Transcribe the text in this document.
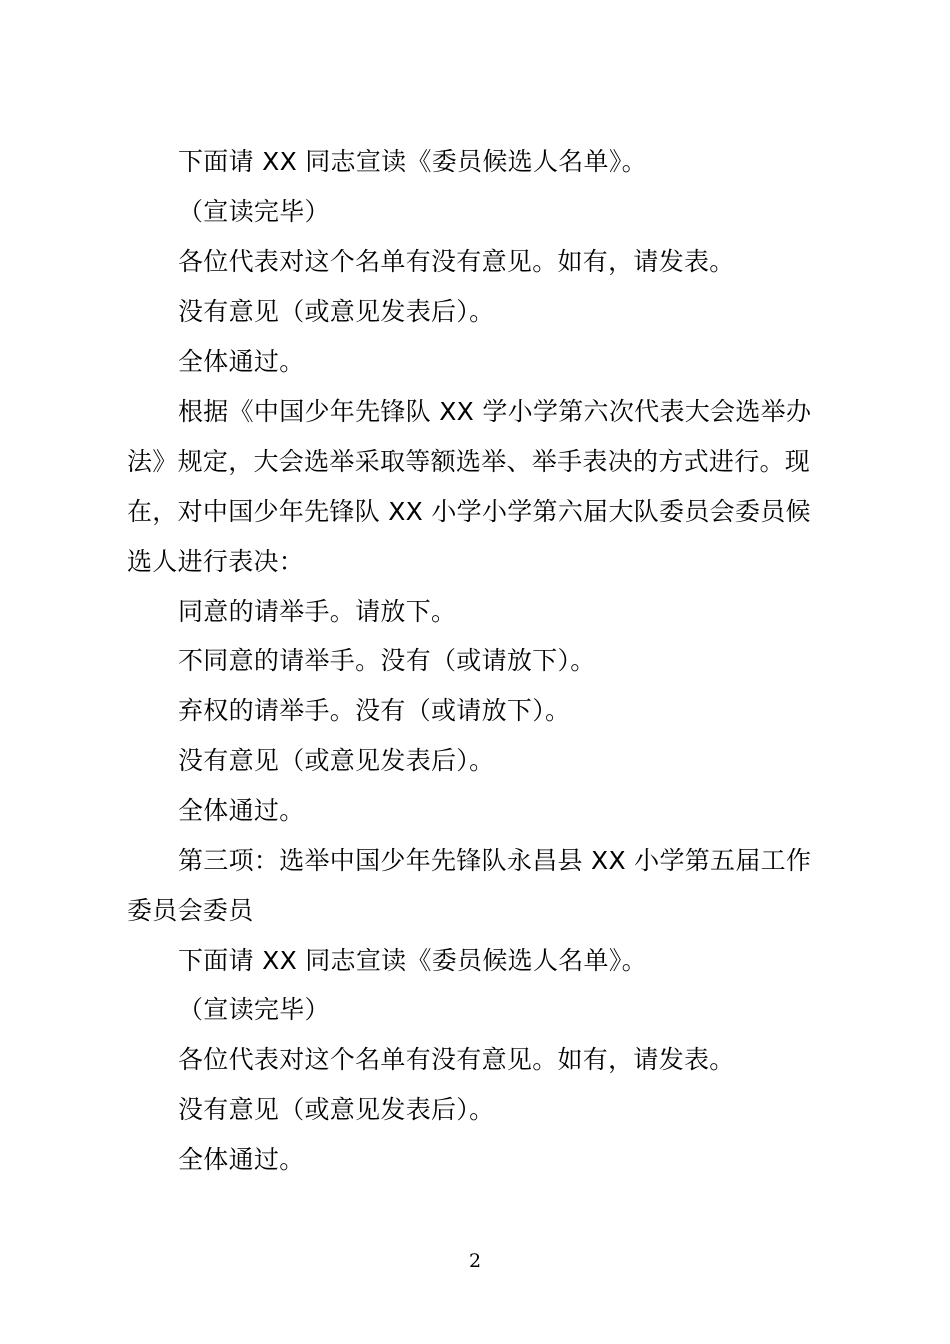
下面请 XX 同志宣读《委员候选人名单》。
（宣读完毕）
各位代表对这个名单有没有意见。如有，请发表。
没有意见（或意见发表后）。
全体通过。
根据《中国少年先锋队 XX 学小学第六次代表大会选举办
法》规定，大会选举采取等额选举、举手表决的方式进行。现
在，对中国少年先锋队 XX 小学小学第六届大队委员会委员候
选人进行表决：
同意的请举手。请放下。
不同意的请举手。没有（或请放下）。
弃权的请举手。没有（或请放下）。
没有意见（或意见发表后）。
全体通过。
第三项：选举中国少年先锋队永昌县 XX 小学第五届工作
委员会委员
下面请 XX 同志宣读《委员候选人名单》。
（宣读完毕）
各位代表对这个名单有没有意见。如有，请发表。
没有意见（或意见发表后）。
全体通过。
2
